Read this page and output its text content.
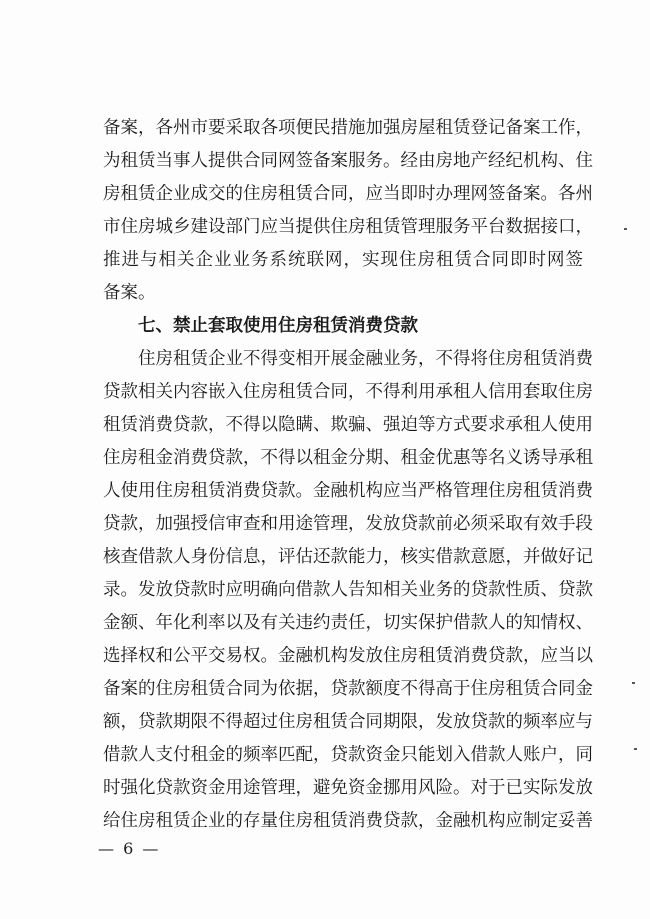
备案，各州市要采取各项便民措施加强房屋租赁登记备案工作，
为租赁当事人提供合同网签备案服务。经由房地产经纪机构、住
房租赁企业成交的住房租赁合同，应当即时办理网签备案。各州
市住房城乡建设部门应当提供住房租赁管理服务平台数据接口，
推进与相关企业业务系统联网，实现住房租赁合同即时网签
备案。
七、禁止套取使用住房租赁消费贷款
住房租赁企业不得变相开展金融业务，不得将住房租赁消费
贷款相关内容嵌入住房租赁合同，不得利用承租人信用套取住房
租赁消费贷款，不得以隐瞒、欺骗、强迫等方式要求承租人使用
住房租金消费贷款，不得以租金分期、租金优惠等名义诱导承租
人使用住房租赁消费贷款。金融机构应当严格管理住房租赁消费
贷款，加强授信审查和用途管理，发放贷款前必须采取有效手段
核查借款人身份信息，评估还款能力，核实借款意愿，并做好记
录。发放贷款时应明确向借款人告知相关业务的贷款性质、贷款
金额、年化利率以及有关违约责任，切实保护借款人的知情权、
选择权和公平交易权。金融机构发放住房租赁消费贷款，应当以
备案的住房租赁合同为依据，贷款额度不得高于住房租赁合同金
额，贷款期限不得超过住房租赁合同期限，发放贷款的频率应与
借款人支付租金的频率匹配，贷款资金只能划入借款人账户，同
时强化贷款资金用途管理，避免资金挪用风险。对于已实际发放
给住房租赁企业的存量住房租赁消费贷款，金融机构应制定妥善
— 6 —
